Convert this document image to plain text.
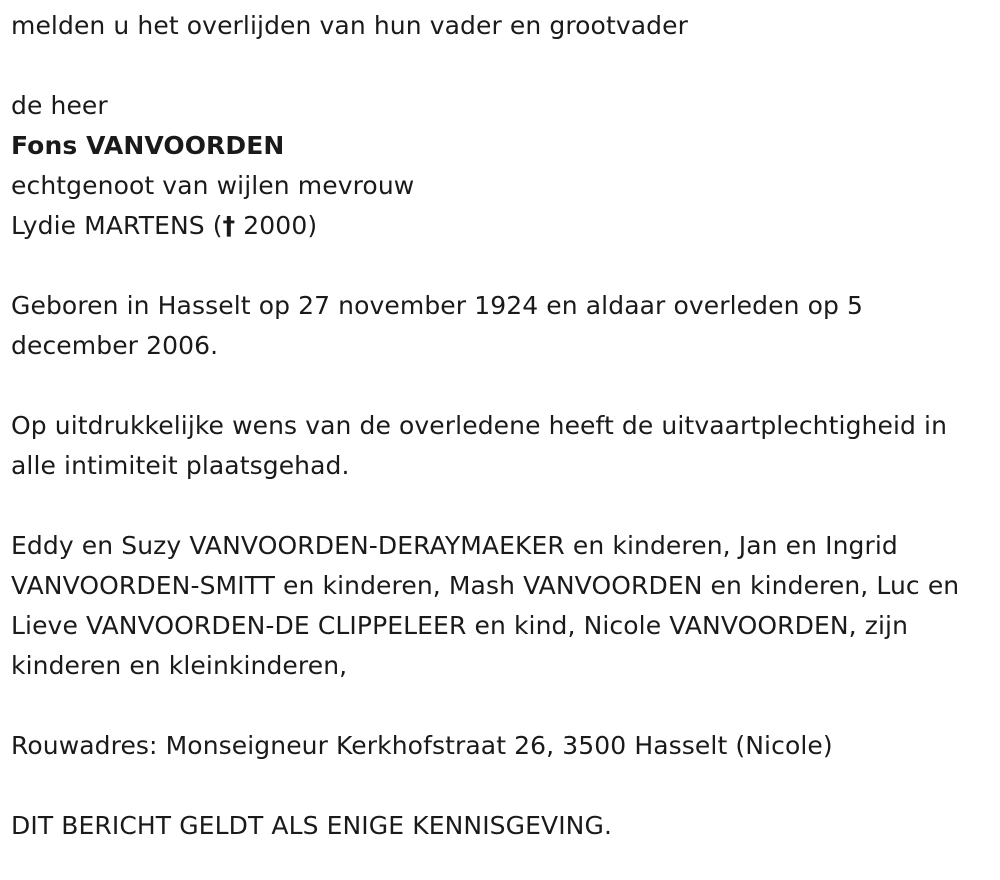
melden u het overlijden van hun vader en grootvader

de heer

Fons VANVOORDEN

echtgenoot van wijlen mevrouw

Lydie MARTENS († 2000)

Geboren in Hasselt op 27 november 1924 en aldaar overleden op 5 december 2006.

Op uitdrukkelijke wens van de overledene heeft de uitvaartplechtigheid in alle intimiteit plaatsgehad.

Eddy en Suzy VANVOORDEN-DERAYMAEKER en kinderen, Jan en Ingrid VANVOORDEN-SMITT en kinderen, Mash VANVOORDEN en kinderen, Luc en Lieve VANVOORDEN-DE CLIPPELEER en kind, Nicole VANVOORDEN, zijn kinderen en kleinkinderen,

Rouwadres: Monseigneur Kerkhofstraat 26, 3500 Hasselt (Nicole)

DIT BERICHT GELDT ALS ENIGE KENNISGEVING.
